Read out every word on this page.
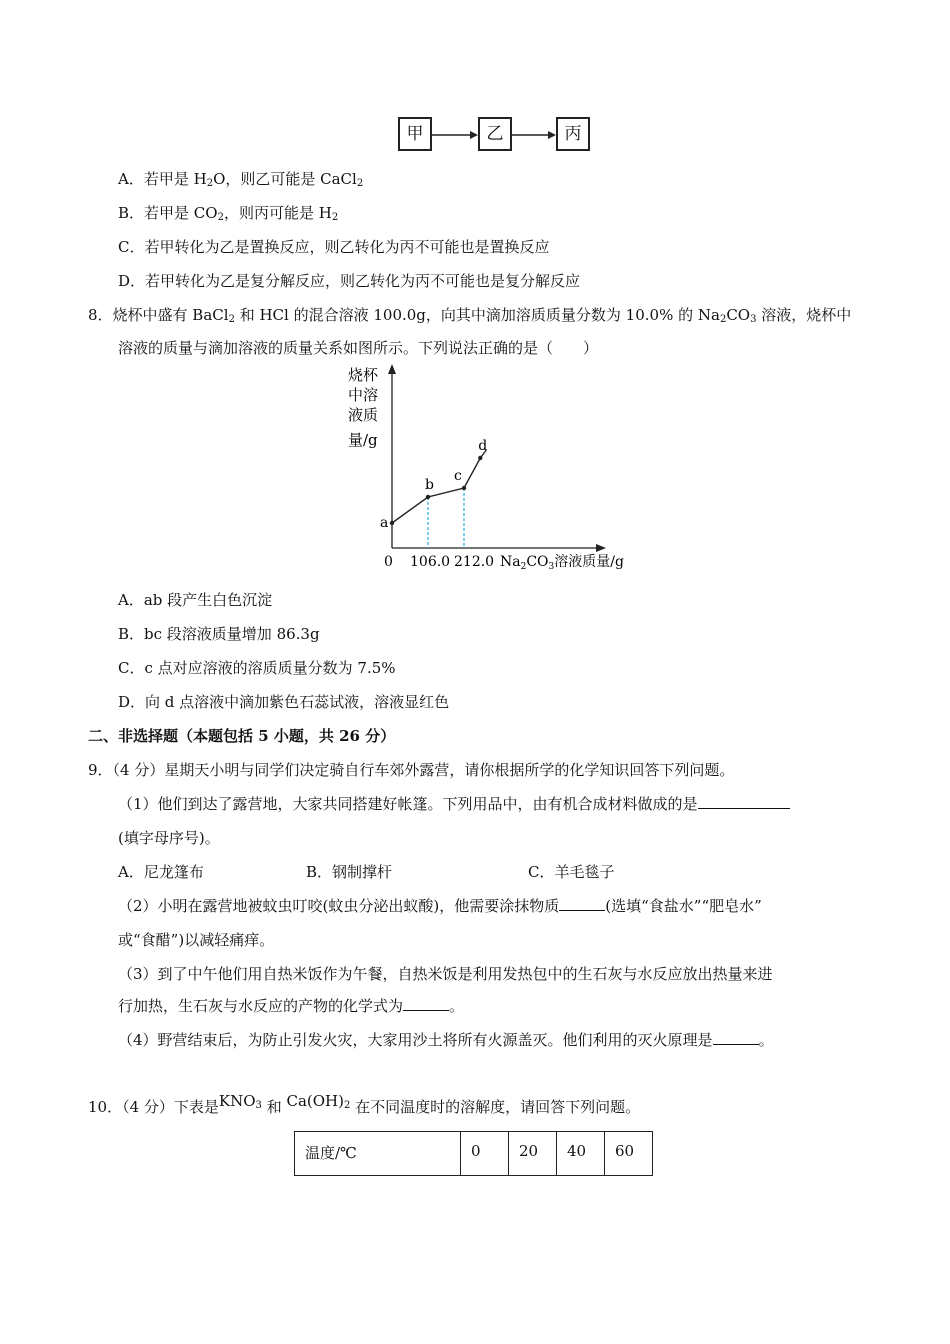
甲	乙	丙
A．若甲是 $H_2O$，则乙可能是 CaCl$_2$
B．若甲是 $CO_2$，则丙可能是 $H_2$
C．若甲转化为乙是置换反应，则乙转化为丙不可能也是置换反应
D．若甲转化为乙是复分解反应，则乙转化为丙不可能也是复分解反应
8．烧杯中盛有 BaCl$_2$ 和 HCl 的混合溶液 100.0g，向其中滴加溶质质量分数为 10.0% 的 $Na_2CO_3$ 溶液，烧杯中
溶液的质量与滴加溶液的质量关系如图所示。下列说法正确的是（　　）
烧杯
中溶
液质
量/g
0 106.0 212.0 $Na_2CO_3$溶液质量/g
a
b
c
d
A．ab 段产生白色沉淀
B．bc 段溶液质量增加 86.3g
C．c 点对应溶液的溶质质量分数为 7.5%
D．向 d 点溶液中滴加紫色石蕊试液，溶液显红色
二、非选择题（本题包括 5 小题，共 26 分）
9．（4 分）星期天小明与同学们决定骑自行车郊外露营，请你根据所学的化学知识回答下列问题。
（1）他们到达了露营地，大家共同搭建好帐篷。下列用品中，由有机合成材料做成的是
(填字母序号)。
A．尼龙篷布	B．钢制撑杆	C．羊毛毯子
（2）小明在露营地被蚊虫叮咬(蚊虫分泌出蚁酸)，他需要涂抹物质	(选填“食盐水”“肥皂水”
或“食醋”)以减轻痛痒。
（3）到了中午他们用自热米饭作为午餐，自热米饭是利用发热包中的生石灰与水反应放出热量来进
行加热，生石灰与水反应的产物的化学式为	。
（4）野营结束后，为防止引发火灾，大家用沙土将所有火源盖灭。他们利用的灭火原理是	。
10．（4 分）下表是$KNO_3$ 和 $Ca(OH)_2$ 在不同温度时的溶解度，请回答下列问题。
温度/℃	0	20	40	60
